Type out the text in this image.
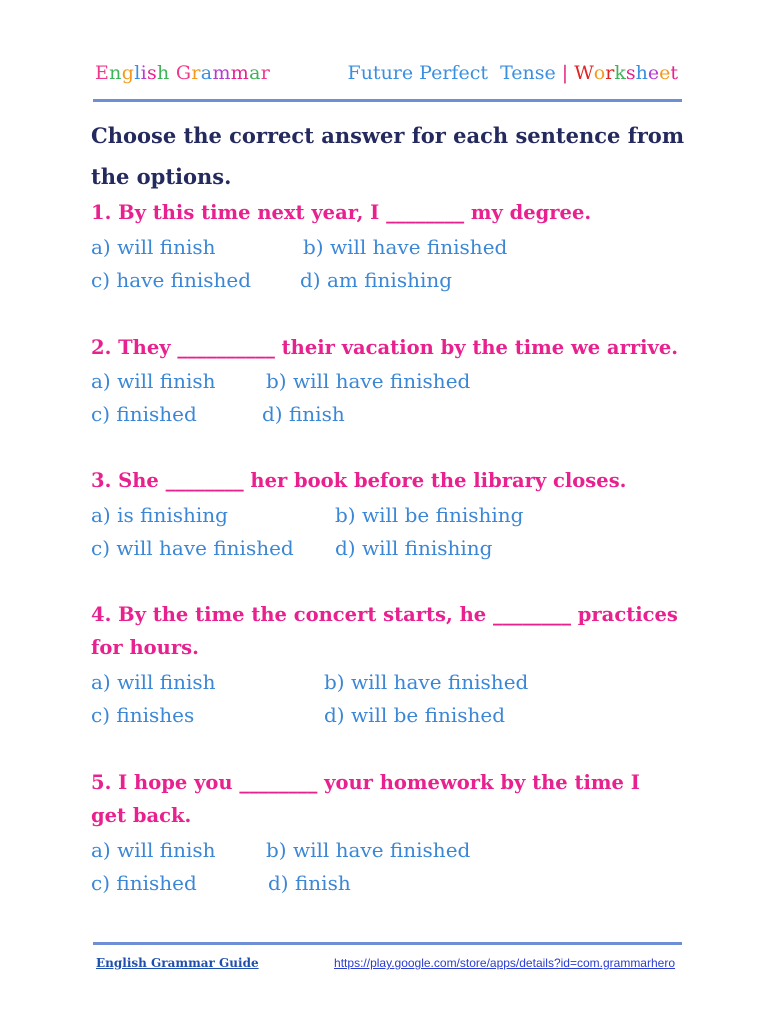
English Grammar	Future Perfect  Tense | Worksheet
Choose the correct answer for each sentence from the options.
1. By this time next year, I ________ my degree.
a) will finish	b) will have finished
c) have finished d) am finishing
2. They __________ their vacation by the time we arrive.
a) will finish	b) will have finished
c) finished	d) finish
3. She ________ her book before the library closes.
a) is finishing	b) will be finishing
c) will have finished d) will finishing
4. By the time the concert starts, he ________ practices for hours.
a) will finish	b) will have finished
c) finishes	d) will be finished
5. I hope you ________ your homework by the time I get back.
a) will finish	b) will have finished
c) finished	d) finish
English Grammar Guide	https://play.google.com/store/apps/details?id=com.grammarhero
